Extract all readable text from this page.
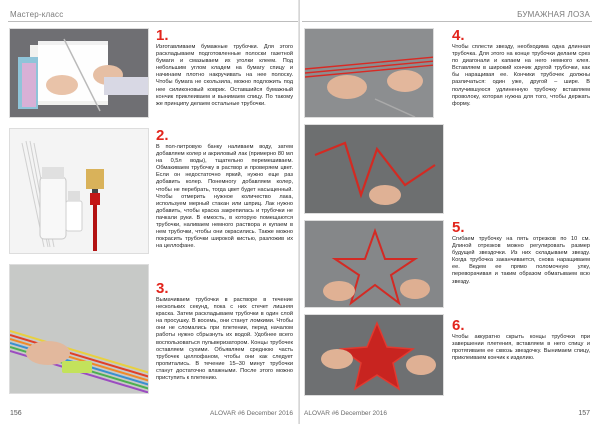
Мастер-класс
1.
Изготавливаем бумажные трубочки. Для этого раскладываем подготовленные полоски газетной бумаги и смазываем их уголки клеем. Под небольшим углом кладем на бумагу спицу и начинаем плотно накручивать на нее полоску. Чтобы бумага не скользила, можно подложить под нее силиконовый коврик. Оставшийся бумажный кончик приклеиваем и вынимаем спицу. По такому же принципу делаем остальные трубочки.
2.
В пол-литровую банку наливаем воду, затем добавляем колер и акриловый лак (примерно 80 мл на 0,5л воды), тщательно перемешиваем. Обмакиваем трубочку в раствор и проверяем цвет. Если он недостаточно яркий, нужно еще раз добавить колер. Понемногу добавляем колер, чтобы не перебрать, тогда цвет будет насыщенный. Чтобы отмерить нужное количество лака, используем мерный стакан или шприц. Лак нужно добавить, чтобы краска закрепилась и трубочки не пачкали руки. В емкость, в которую помещаются трубочки, наливаем немного раствора и купаем в нем трубочки, чтобы они окрасились. Также можно покрасить трубочки широкой кистью, разложив их на целлофане.
3.
Вымачиваем трубочки в растворе в течение нескольких секунд, пока с них стечет лишняя краска. Затем раскладываем трубочки в один слой на просушку. В восемь, они станут ломкими. Чтобы они не сломались при плетении, перед началом работы нужно сбрызнуть их водой. Удобнее всего воспользоваться пульверизатором. Концы трубочек оставляем сухими. Объявляем среднюю часть трубочек целлофаном, чтобы они как следует пропитались. В течение 15–30 минут трубочки станут достаточно влажными. После этого можно приступить к плетению.
156	ALOVAR #6 December 2016
БУМАЖНАЯ ЛОЗА
ALOVAR #6 December 2016	157
4.
Чтобы сплести звезду, необходима одна длинная трубочка. Для этого на конце трубочки делаем срез по диагонали и капаем на него немного клея. Вставляем в широкий кончик другой трубочки, как бы наращивая ее. Кончики трубочек должны различаться: один уже, другой – шире. В получившуюся удлиненную трубочку вставляем проволоку, которая нужна для того, чтобы держать форму.
5.
Сгибаем трубочку на пять отрезков по 10 см. Длиной отрезков можно регулировать размер будущей звездочки. Из них складываем звезду. Когда трубочка заканчивается, снова наращиваем ее. Ведем ее прямо поломочную улку, переворачивая и таким образом обматываем всю звезду.
6.
Чтобы аккуратно скрыть концы трубочки при завершении плетения, вставляем в него спицу и протягиваем ее сквозь звездочку. Вынимаем спицу, приклеиваем кончик к изделию.
